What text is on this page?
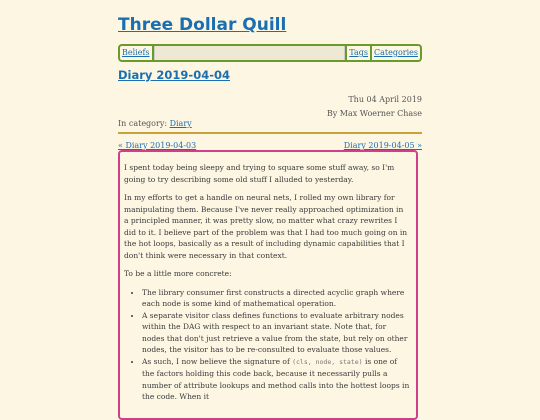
Three Dollar Quill
Beliefs	Tags Categories
Diary 2019-04-04
Thu 04 April 2019
By Max Woerner Chase
In category: Diary
« Diary 2019-04-03	Diary 2019-04-05 »

I spent today being sleepy and trying to square some stuff away, so I'm going to try describing some old stuff I alluded to yesterday.

In my efforts to get a handle on neural nets, I rolled my own library for manipulating them. Because I've never really approached optimization in a principled manner, it was pretty slow, no matter what crazy rewrites I did to it. I believe part of the problem was that I had too much going on in the hot loops, basically as a result of including dynamic capabilities that I don't think were necessary in that context.

To be a little more concrete:

• The library consumer first constructs a directed acyclic graph where each node is some kind of mathematical operation.
• A separate visitor class defines functions to evaluate arbitrary nodes within the DAG with respect to an invariant state. Note that, for nodes that don't just retrieve a value from the state, but rely on other nodes, the visitor has to be re-consulted to evaluate those values.
• As such, I now believe the signature of (cls, node, state) is one of the factors holding this code back, because it necessarily pulls a number of attribute lookups and method calls into the hottest loops in the code. When it
